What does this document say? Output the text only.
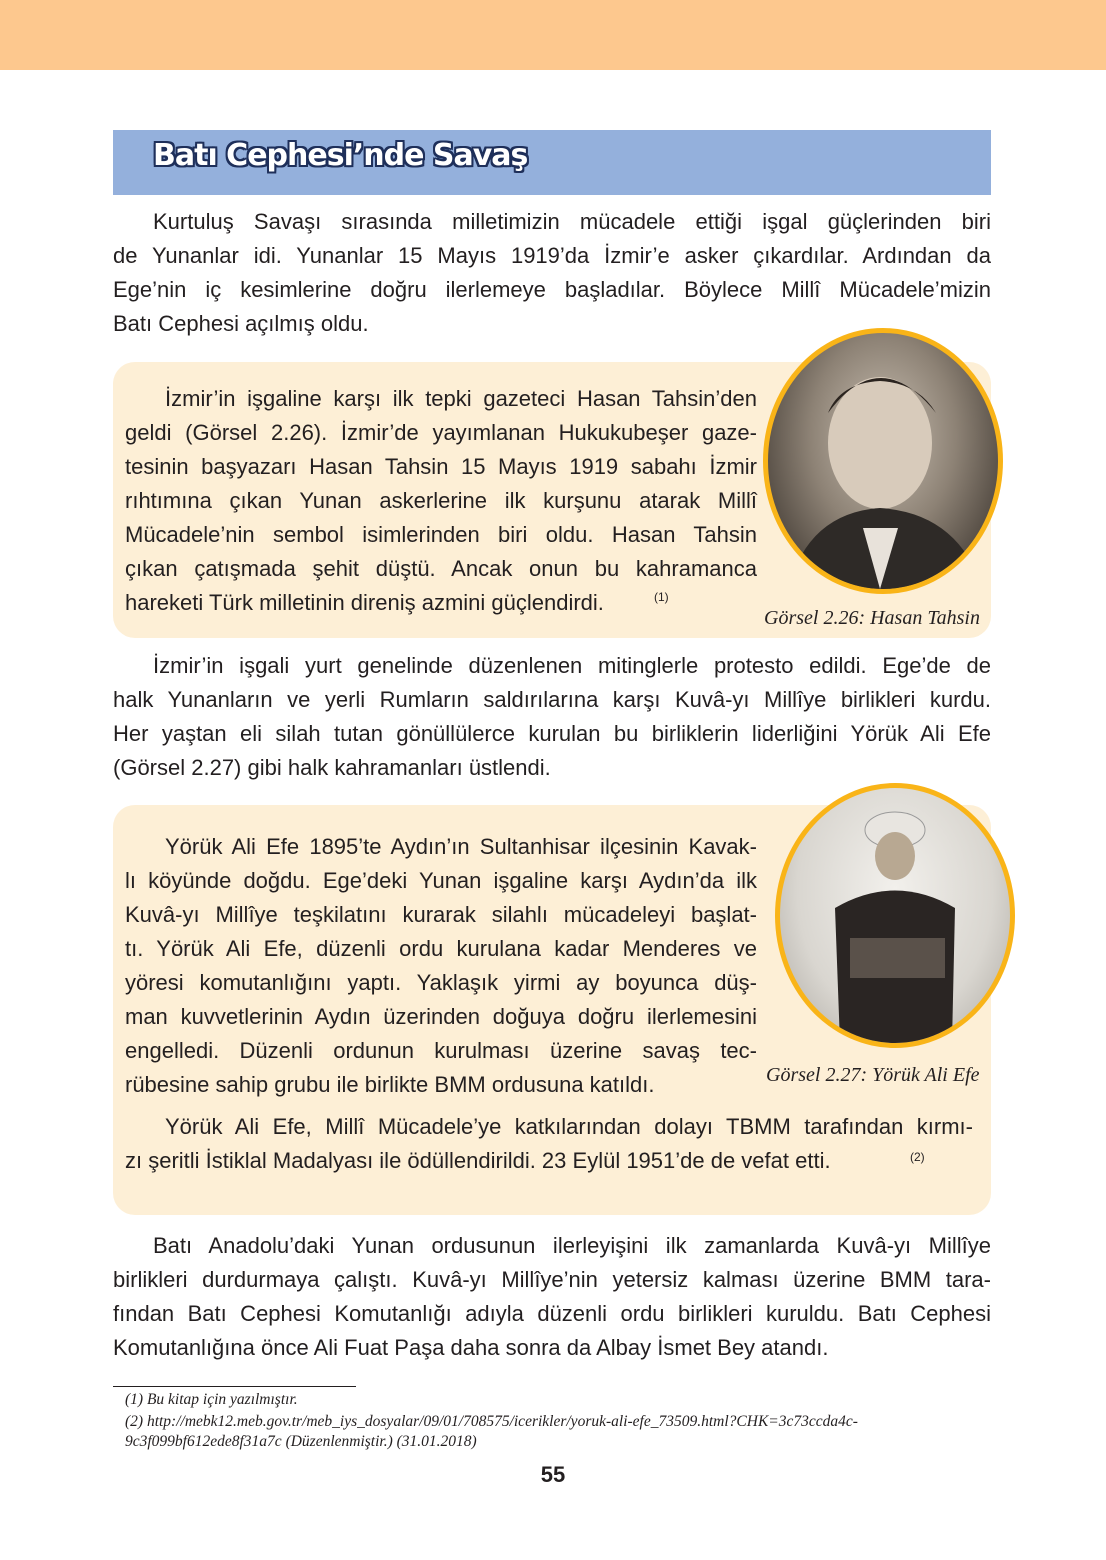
Batı Cephesi’nde Savaş
Kurtuluş Savaşı sırasında milletimizin mücadele ettiği işgal güçlerinden biri
de Yunanlar idi. Yunanlar 15 Mayıs 1919’da İzmir’e asker çıkardılar. Ardından da
Ege’nin iç kesimlerine doğru ilerlemeye başladılar. Böylece Millî Mücadele’mizin
Batı Cephesi açılmış oldu.
İzmir’in işgaline karşı ilk tepki gazeteci Hasan Tahsin’den
geldi (Görsel 2.26). İzmir’de yayımlanan Hukukubeşer gaze-
tesinin başyazarı Hasan Tahsin 15 Mayıs 1919 sabahı İzmir
rıhtımına çıkan Yunan askerlerine ilk kurşunu atarak Millî
Mücadele’nin sembol isimlerinden biri oldu. Hasan Tahsin
çıkan çatışmada şehit düştü. Ancak onun bu kahramanca
hareketi Türk milletinin direniş azmini güçlendirdi.	(1)
Görsel 2.26: Hasan Tahsin
İzmir’in işgali yurt genelinde düzenlenen mitinglerle protesto edildi. Ege’de de
halk Yunanların ve yerli Rumların saldırılarına karşı Kuvâ-yı Millîye birlikleri kurdu.
Her yaştan eli silah tutan gönüllülerce kurulan bu birliklerin liderliğini Yörük Ali Efe
(Görsel 2.27) gibi halk kahramanları üstlendi.
Yörük Ali Efe 1895’te Aydın’ın Sultanhisar ilçesinin Kavak-
lı köyünde doğdu. Ege’deki Yunan işgaline karşı Aydın’da ilk
Kuvâ-yı Millîye teşkilatını kurarak silahlı mücadeleyi başlat-
tı. Yörük Ali Efe, düzenli ordu kurulana kadar Menderes ve
yöresi komutanlığını yaptı. Yaklaşık yirmi ay boyunca düş-
man kuvvetlerinin Aydın üzerinden doğuya doğru ilerlemesini
engelledi. Düzenli ordunun kurulması üzerine savaş tec-
rübesine sahip grubu ile birlikte BMM ordusuna katıldı.
Yörük Ali Efe, Millî Mücadele’ye katkılarından dolayı TBMM tarafından kırmı-
zı şeritli İstiklal Madalyası ile ödüllendirildi. 23 Eylül 1951’de de vefat etti.	(2)
Görsel 2.27: Yörük Ali Efe
Batı Anadolu’daki Yunan ordusunun ilerleyişini ilk zamanlarda Kuvâ-yı Millîye
birlikleri durdurmaya çalıştı. Kuvâ-yı Millîye’nin yetersiz kalması üzerine BMM tara-
fından Batı Cephesi Komutanlığı adıyla düzenli ordu birlikleri kuruldu. Batı Cephesi
Komutanlığına önce Ali Fuat Paşa daha sonra da Albay İsmet Bey atandı.
(1) Bu kitap için yazılmıştır.
(2) http://mebk12.meb.gov.tr/meb_iys_dosyalar/09/01/708575/icerikler/yoruk-ali-efe_73509.html?CHK=3c73ccda4c-
9c3f099bf612ede8f31a7c (Düzenlenmiştir.) (31.01.2018)
55
